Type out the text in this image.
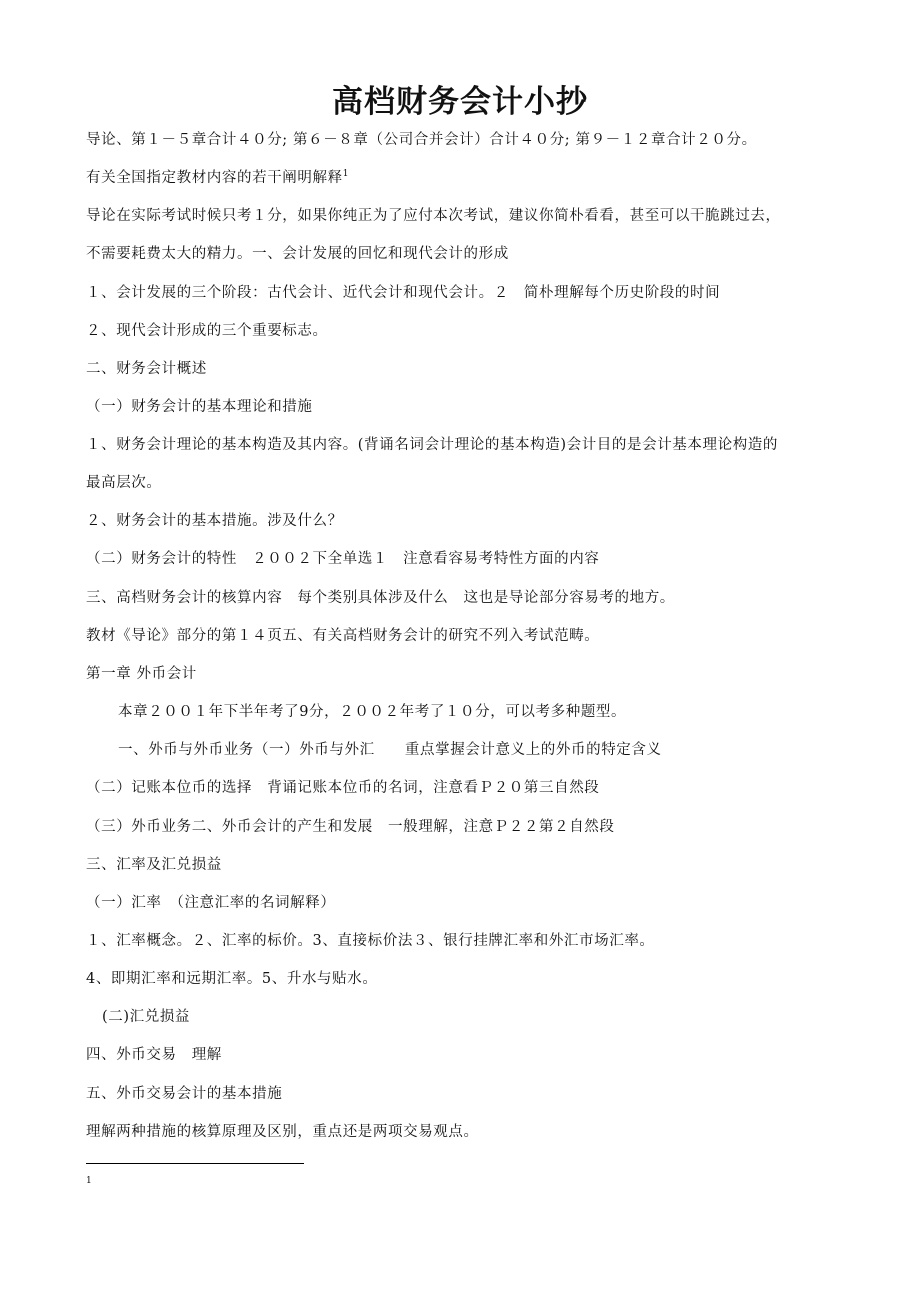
高档财务会计小抄
导论、第１－５章合计４０分; 第６－８章（公司合并会计）合计４０分; 第９－１２章合计２０分。
有关全国指定教材内容的若干阐明解释$^1$
导论在实际考试时候只考１分，如果你纯正为了应付本次考试，建议你简朴看看，甚至可以干脆跳过去，
不需要耗费太大的精力。一、会计发展的回忆和现代会计的形成
１、会计发展的三个阶段：古代会计、近代会计和现代会计。２　简朴理解每个历史阶段的时间
２、现代会计形成的三个重要标志。
二、财务会计概述
（一）财务会计的基本理论和措施
１、财务会计理论的基本构造及其内容。(背诵名词会计理论的基本构造)会计目的是会计基本理论构造的
最高层次。
２、财务会计的基本措施。涉及什么？
（二）财务会计的特性　２００２下全单选１　注意看容易考特性方面的内容
三、高档财务会计的核算内容　每个类别具体涉及什么　这也是导论部分容易考的地方。
教材《导论》部分的第１４页五、有关高档财务会计的研究不列入考试范畴。
第一章 外币会计
本章２００１年下半年考了9分，２００２年考了１０分，可以考多种题型。
一、外币与外币业务（一）外币与外汇　　重点掌握会计意义上的外币的特定含义
（二）记账本位币的选择　背诵记账本位币的名词，注意看Ｐ２０第三自然段
（三）外币业务二、外币会计的产生和发展　一般理解，注意Ｐ２２第２自然段
三、汇率及汇兑损益
（一）汇率　（注意汇率的名词解释）
１、汇率概念。２、汇率的标价。3、直接标价法３、银行挂牌汇率和外汇市场汇率。
4、即期汇率和远期汇率。5、升水与贴水。
(二)汇兑损益
四、外币交易　理解
五、外币交易会计的基本措施
理解两种措施的核算原理及区别，重点还是两项交易观点。
1
